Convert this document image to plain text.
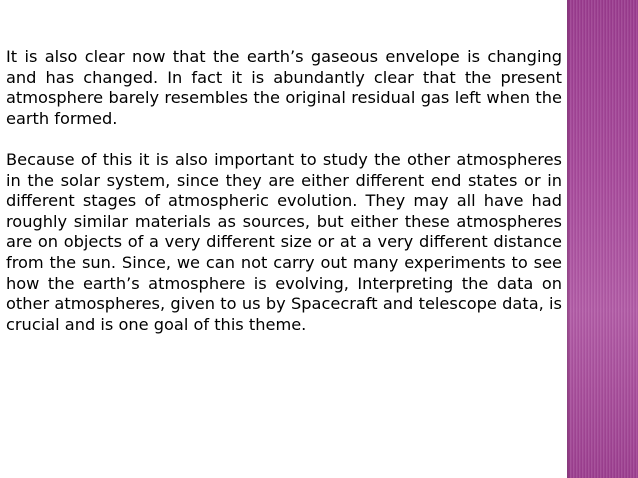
It is also clear now that the earth’s gaseous envelope is changing and has changed. In fact it is abundantly clear that the present atmosphere barely resembles the original residual gas left when the earth formed.

Because of this it is also important to study the other atmospheres in the solar system, since they are either different end states or in different stages of atmospheric evolution. They may all have had roughly similar materials as sources, but either these atmospheres are on objects of a very different size or at a very different distance from the sun. Since, we can not carry out many experiments to see how the earth’s atmosphere is evolving, Interpreting the data on other atmospheres, given to us by Spacecraft and telescope data, is crucial and is one goal of this theme.
